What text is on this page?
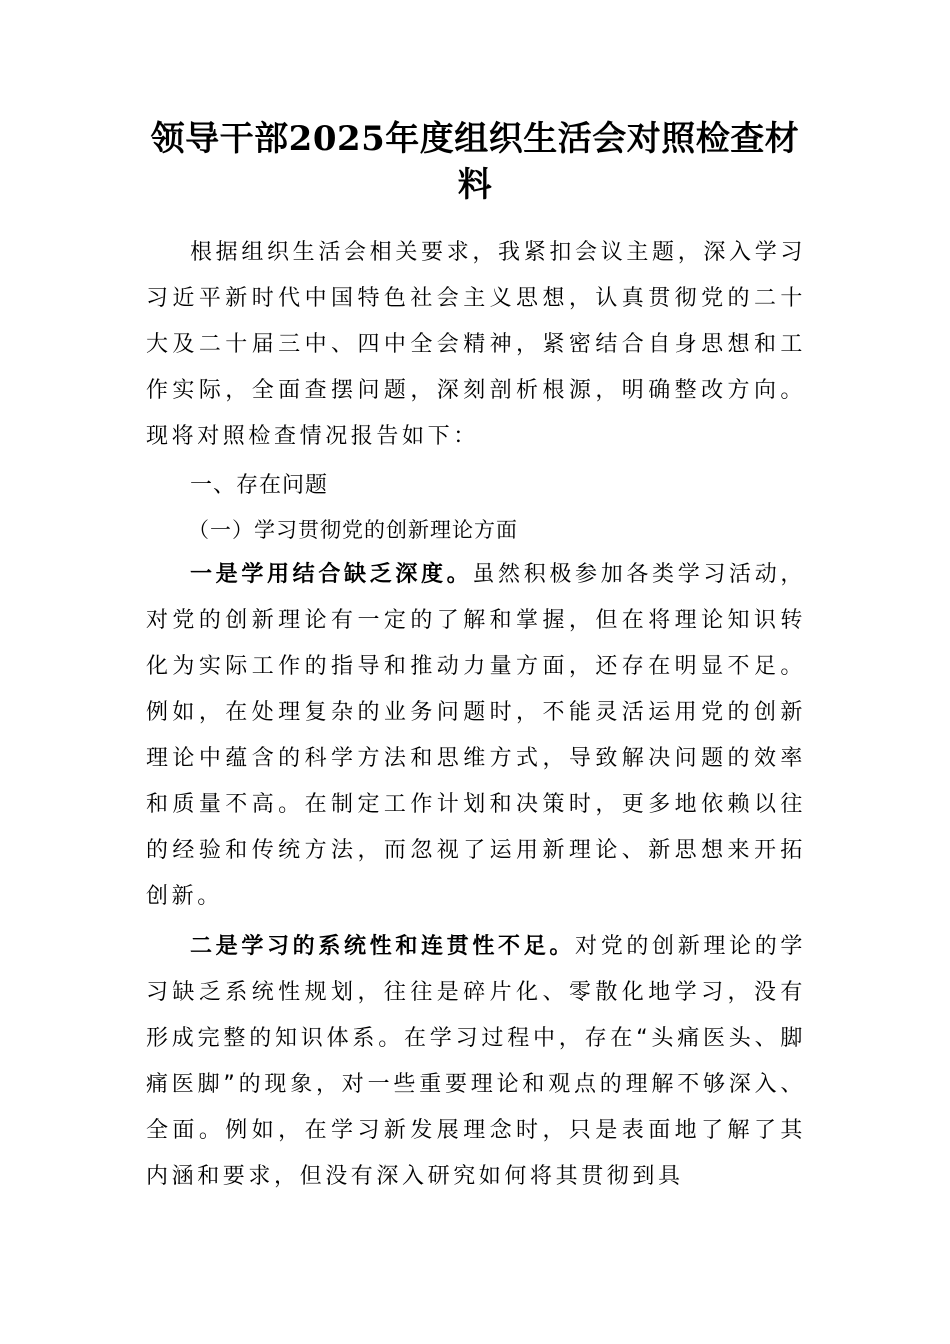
领导干部2025年度组织生活会对照检查材料

根据组织生活会相关要求，我紧扣会议主题，深入学习习近平新时代中国特色社会主义思想，认真贯彻党的二十大及二十届三中、四中全会精神，紧密结合自身思想和工作实际，全面查摆问题，深刻剖析根源，明确整改方向。现将对照检查情况报告如下：

一、存在问题
（一）学习贯彻党的创新理论方面

一是学用结合缺乏深度。虽然积极参加各类学习活动，对党的创新理论有一定的了解和掌握，但在将理论知识转化为实际工作的指导和推动力量方面，还存在明显不足。例如，在处理复杂的业务问题时，不能灵活运用党的创新理论中蕴含的科学方法和思维方式，导致解决问题的效率和质量不高。在制定工作计划和决策时，更多地依赖以往的经验和传统方法，而忽视了运用新理论、新思想来开拓创新。

二是学习的系统性和连贯性不足。对党的创新理论的学习缺乏系统性规划，往往是碎片化、零散化地学习，没有形成完整的知识体系。在学习过程中，存在“头痛医头、脚痛医脚”的现象，对一些重要理论和观点的理解不够深入、全面。例如，在学习新发展理念时，只是表面地了解了其内涵和要求，但没有深入研究如何将其贯彻到具
